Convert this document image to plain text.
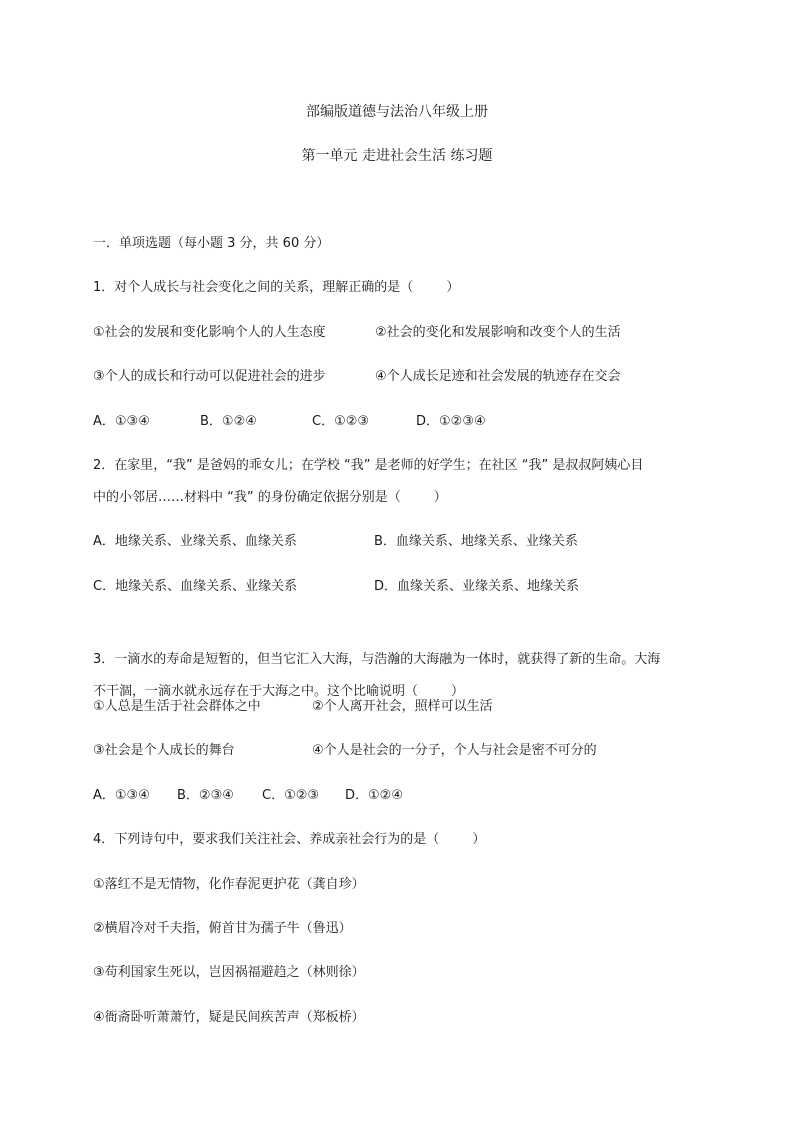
部编版道德与法治八年级上册
第一单元 走进社会生活 练习题
一．单项选题（每小题 3 分，共 60 分）
1．对个人成长与社会变化之间的关系，理解正确的是（        ）

①社会的发展和变化影响个人的人生态度

	②社会的变化和发展影响和改变个人的生活

③个人的成长和行动可以促进社会的进步

	④个人成长足迹和社会发展的轨迹存在交会

A．①③④

	B．①②④

	C．①②③

	D．①②③④

2．在家里，“我” 是爸妈的乖女儿；在学校 “我” 是老师的好学生；在社区 “我” 是叔叔阿姨心目
中的小邻居……材料中 “我” 的身份确定依据分别是（        ）

A．地缘关系、业缘关系、血缘关系

	B．血缘关系、地缘关系、业缘关系

C．地缘关系、血缘关系、业缘关系

	D．血缘关系、业缘关系、地缘关系

3．一滴水的寿命是短暂的，但当它汇入大海，与浩瀚的大海融为一体时，就获得了新的生命。大海
不干涸，一滴水就永远存在于大海之中。这个比喻说明（        ）

①人总是生活于社会群体之中

	②个人离开社会，照样可以生活

③社会是个人成长的舞台

	④个人是社会的一分子，个人与社会是密不可分的

A．①③④

B．②③④

C．①②③

D．①②④

4．下列诗句中，要求我们关注社会、养成亲社会行为的是（        ）
①落红不是无情物，化作春泥更护花（龚自珍）
②横眉冷对千夫指，俯首甘为孺子牛（鲁迅）
③苟利国家生死以，岂因祸福避趋之（林则徐）
④衙斋卧听萧萧竹，疑是民间疾苦声（郑板桥）
